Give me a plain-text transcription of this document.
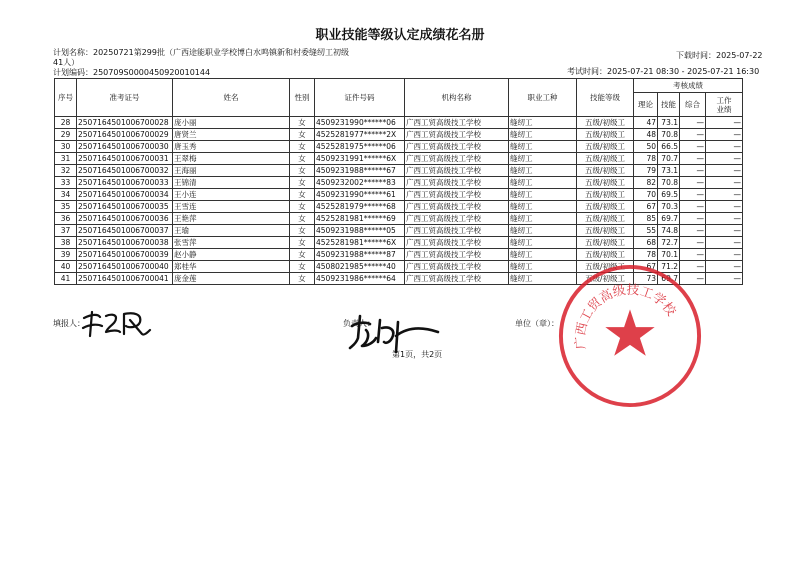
职业技能等级认定成绩花名册
计划名称：20250721第299批（广西途能职业学校博白水鸣镇新和村委缝纫工初级
41人）
计划编码：250709S0000450920010144
下载时间：2025-07-22
考试时间：2025-07-21 08:30 - 2025-07-21 16:30
序号	准考证号	姓名	性别	证件号码	机构名称	职业工种	技能等级	考核成绩			
								理论	技能	综合	工作业绩

28	2507164501006700028	庞小丽	女	4509231990******06	广西工贸高级技工学校	缝纫工	五级/初级工	47	73.1	—	—
29	2507164501006700029	唐贤兰	女	4525281977******2X	广西工贸高级技工学校	缝纫工	五级/初级工	48	70.8	—	—
30	2507164501006700030	唐玉秀	女	4525281975******06	广西工贸高级技工学校	缝纫工	五级/初级工	50	66.5	—	—
31	2507164501006700031	王翠梅	女	4509231991******6X	广西工贸高级技工学校	缝纫工	五级/初级工	78	70.7	—	—
32	2507164501006700032	王海丽	女	4509231988******67	广西工贸高级技工学校	缝纫工	五级/初级工	79	73.1	—	—
33	2507164501006700033	王锦清	女	4509232002******83	广西工贸高级技工学校	缝纫工	五级/初级工	82	70.8	—	—
34	2507164501006700034	王小连	女	4509231990******61	广西工贸高级技工学校	缝纫工	五级/初级工	70	69.5	—	—
35	2507164501006700035	王雪连	女	4525281979******68	广西工贸高级技工学校	缝纫工	五级/初级工	67	70.3	—	—
36	2507164501006700036	王艳萍	女	4525281981******69	广西工贸高级技工学校	缝纫工	五级/初级工	85	69.7	—	—
37	2507164501006700037	王瑜	女	4509231988******05	广西工贸高级技工学校	缝纫工	五级/初级工	55	74.8	—	—
38	2507164501006700038	张雪萍	女	4525281981******6X	广西工贸高级技工学校	缝纫工	五级/初级工	68	72.7	—	—
39	2507164501006700039	赵小静	女	4509231988******87	广西工贸高级技工学校	缝纫工	五级/初级工	78	70.1	—	—
40	2507164501006700040	郑桂华	女	4508021985******40	广西工贸高级技工学校	缝纫工	五级/初级工	67	71.2	—	—
41	2507164501006700041	庞金莲	女	4509231986******64	广西工贸高级技工学校	缝纫工	五级/初级工	73	69.7	—	—
填报人：	负责人：	单位（章）：
第1页，共2页
广西工贸高级技工学校
